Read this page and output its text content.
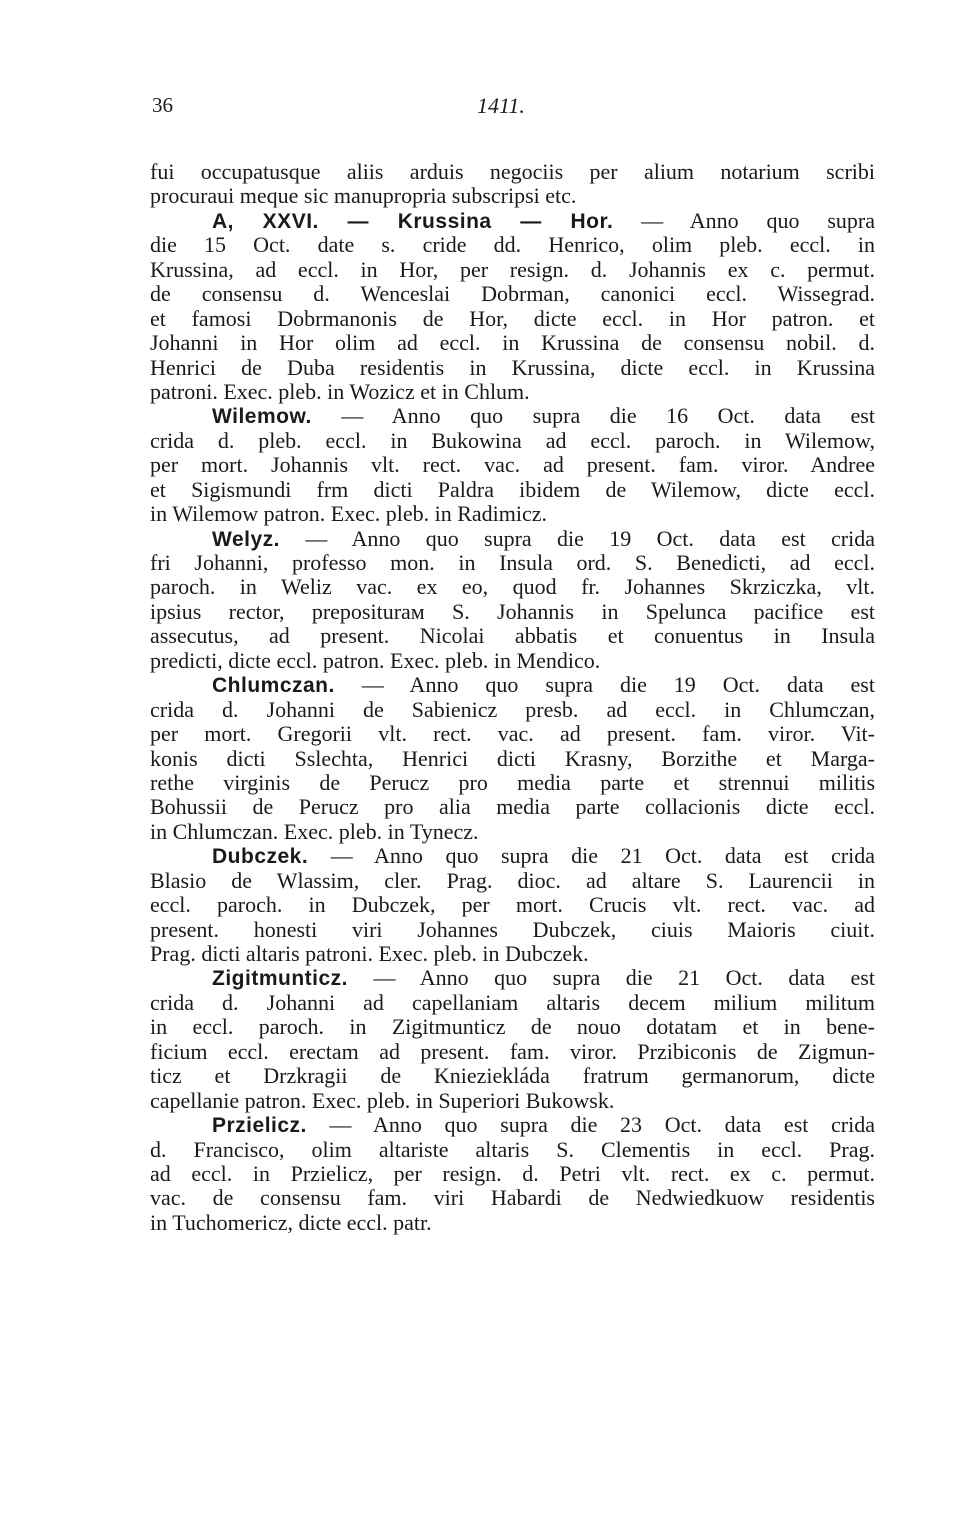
36	1411.
fui occupatusque aliis arduis negociis per alium notarium scribi
procuraui meque sic manupropria subscripsi etc.
A, XXVI. — Krussina — Hor. — Anno quo supra
die 15 Oct. date s. cride dd. Henrico, olim pleb. eccl. in
Krussina, ad eccl. in Hor, per resign. d. Johannis ex c. permut.
de consensu d. Wenceslai Dobrman, canonici eccl. Wissegrad.
et famosi Dobrmanonis de Hor, dicte eccl. in Hor patron. et
Johanni in Hor olim ad eccl. in Krussina de consensu nobil. d.
Henrici de Duba residentis in Krussina, dicte eccl. in Krussina
patroni. Exec. pleb. in Wozicz et in Chlum.
Wilemow. — Anno quo supra die 16 Oct. data est
crida d. pleb. eccl. in Bukowina ad eccl. paroch. in Wilemow,
per mort. Johannis vlt. rect. vac. ad present. fam. viror. Andree
et Sigismundi frm dicti Paldra ibidem de Wilemow, dicte eccl.
in Wilemow patron. Exec. pleb. in Radimicz.
Welyz. — Anno quo supra die 19 Oct. data est crida
fri Johanni, professo mon. in Insula ord. S. Benedicti, ad eccl.
paroch. in Weliz vac. ex eo, quod fr. Johannes Skrziczka, vlt.
ipsius rector, prepositurам S. Johannis in Spelunca pacifice est
assecutus, ad present. Nicolai abbatis et conuentus in Insula
predicti, dicte eccl. patron. Exec. pleb. in Mendico.
Chlumczan. — Anno quo supra die 19 Oct. data est
crida d. Johanni de Sabienicz presb. ad eccl. in Chlumczan,
per mort. Gregorii vlt. rect. vac. ad present. fam. viror. Vit-
konis dicti Sslechta, Henrici dicti Krasny, Borzithe et Marga-
rethe virginis de Perucz pro media parte et strennui militis
Bohussii de Perucz pro alia media parte collacionis dicte eccl.
in Chlumczan. Exec. pleb. in Tynecz.
Dubczek. — Anno quo supra die 21 Oct. data est crida
Blasio de Wlassim, cler. Prag. dioc. ad altare S. Laurencii in
eccl. paroch. in Dubczek, per mort. Crucis vlt. rect. vac. ad
present. honesti viri Johannes Dubczek, ciuis Maioris ciuit.
Prag. dicti altaris patroni. Exec. pleb. in Dubczek.
Zigitmunticz. — Anno quo supra die 21 Oct. data est
crida d. Johanni ad capellaniam altaris decem milium militum
in eccl. paroch. in Zigitmunticz de nouo dotatam et in bene-
ficium eccl. erectam ad present. fam. viror. Przibiconis de Zigmun-
ticz et Drzkragii de Knieziekláda fratrum germanorum, dicte
capellanie patron. Exec. pleb. in Superiori Bukowsk.
Przielicz. — Anno quo supra die 23 Oct. data est crida
d. Francisco, olim altariste altaris S. Clementis in eccl. Prag.
ad eccl. in Przielicz, per resign. d. Petri vlt. rect. ex c. permut.
vac. de consensu fam. viri Habardi de Nedwiedkuow residentis
in Tuchomericz, dicte eccl. patr.
